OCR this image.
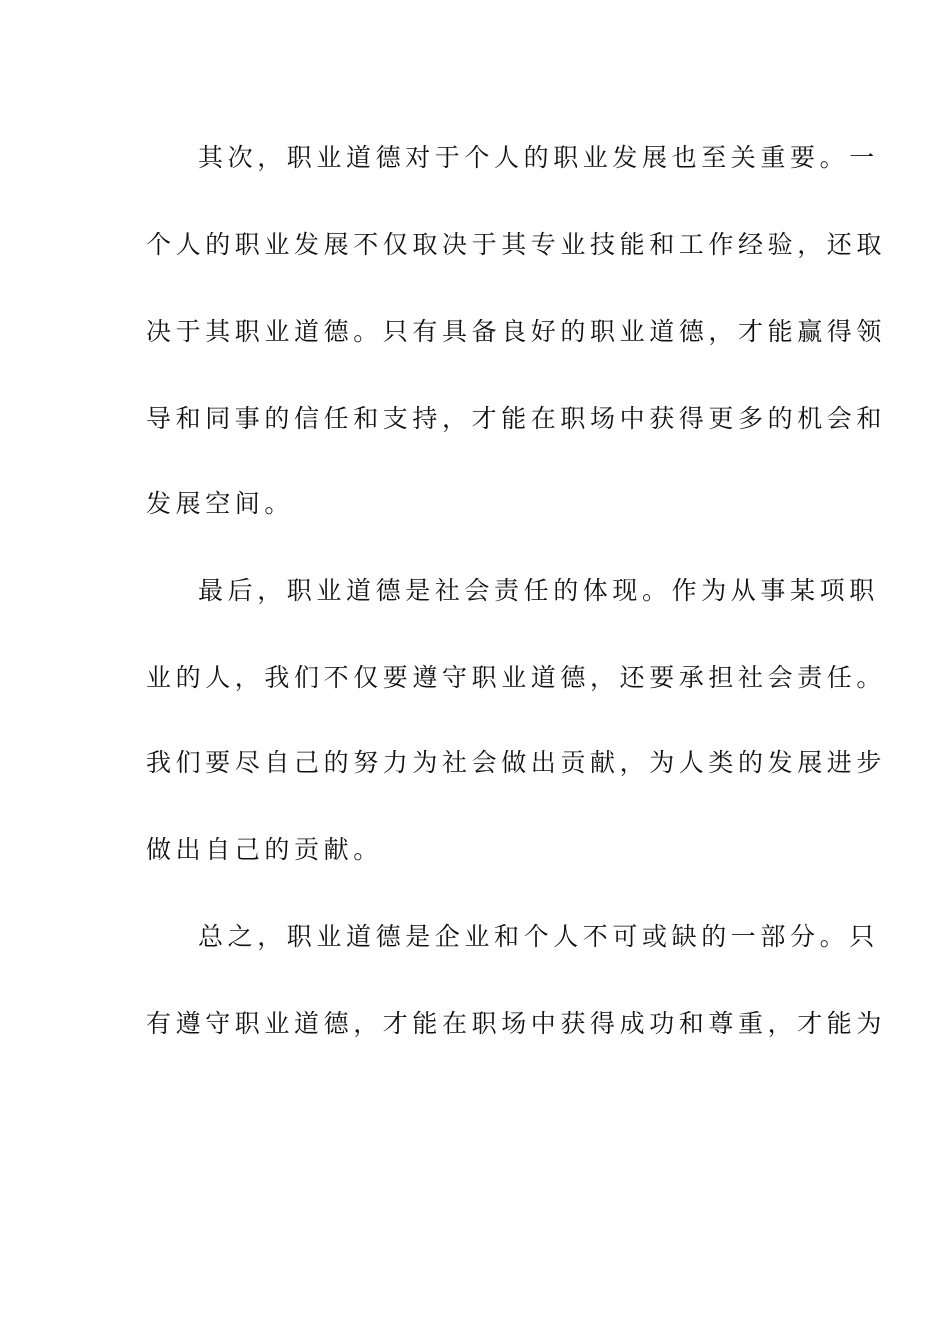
其次，职业道德对于个人的职业发展也至关重要。一
个人的职业发展不仅取决于其专业技能和工作经验，还取
决于其职业道德。只有具备良好的职业道德，才能赢得领
导和同事的信任和支持，才能在职场中获得更多的机会和
发展空间。
最后，职业道德是社会责任的体现。作为从事某项职
业的人，我们不仅要遵守职业道德，还要承担社会责任。
我们要尽自己的努力为社会做出贡献，为人类的发展进步
做出自己的贡献。
总之，职业道德是企业和个人不可或缺的一部分。只
有遵守职业道德，才能在职场中获得成功和尊重，才能为
